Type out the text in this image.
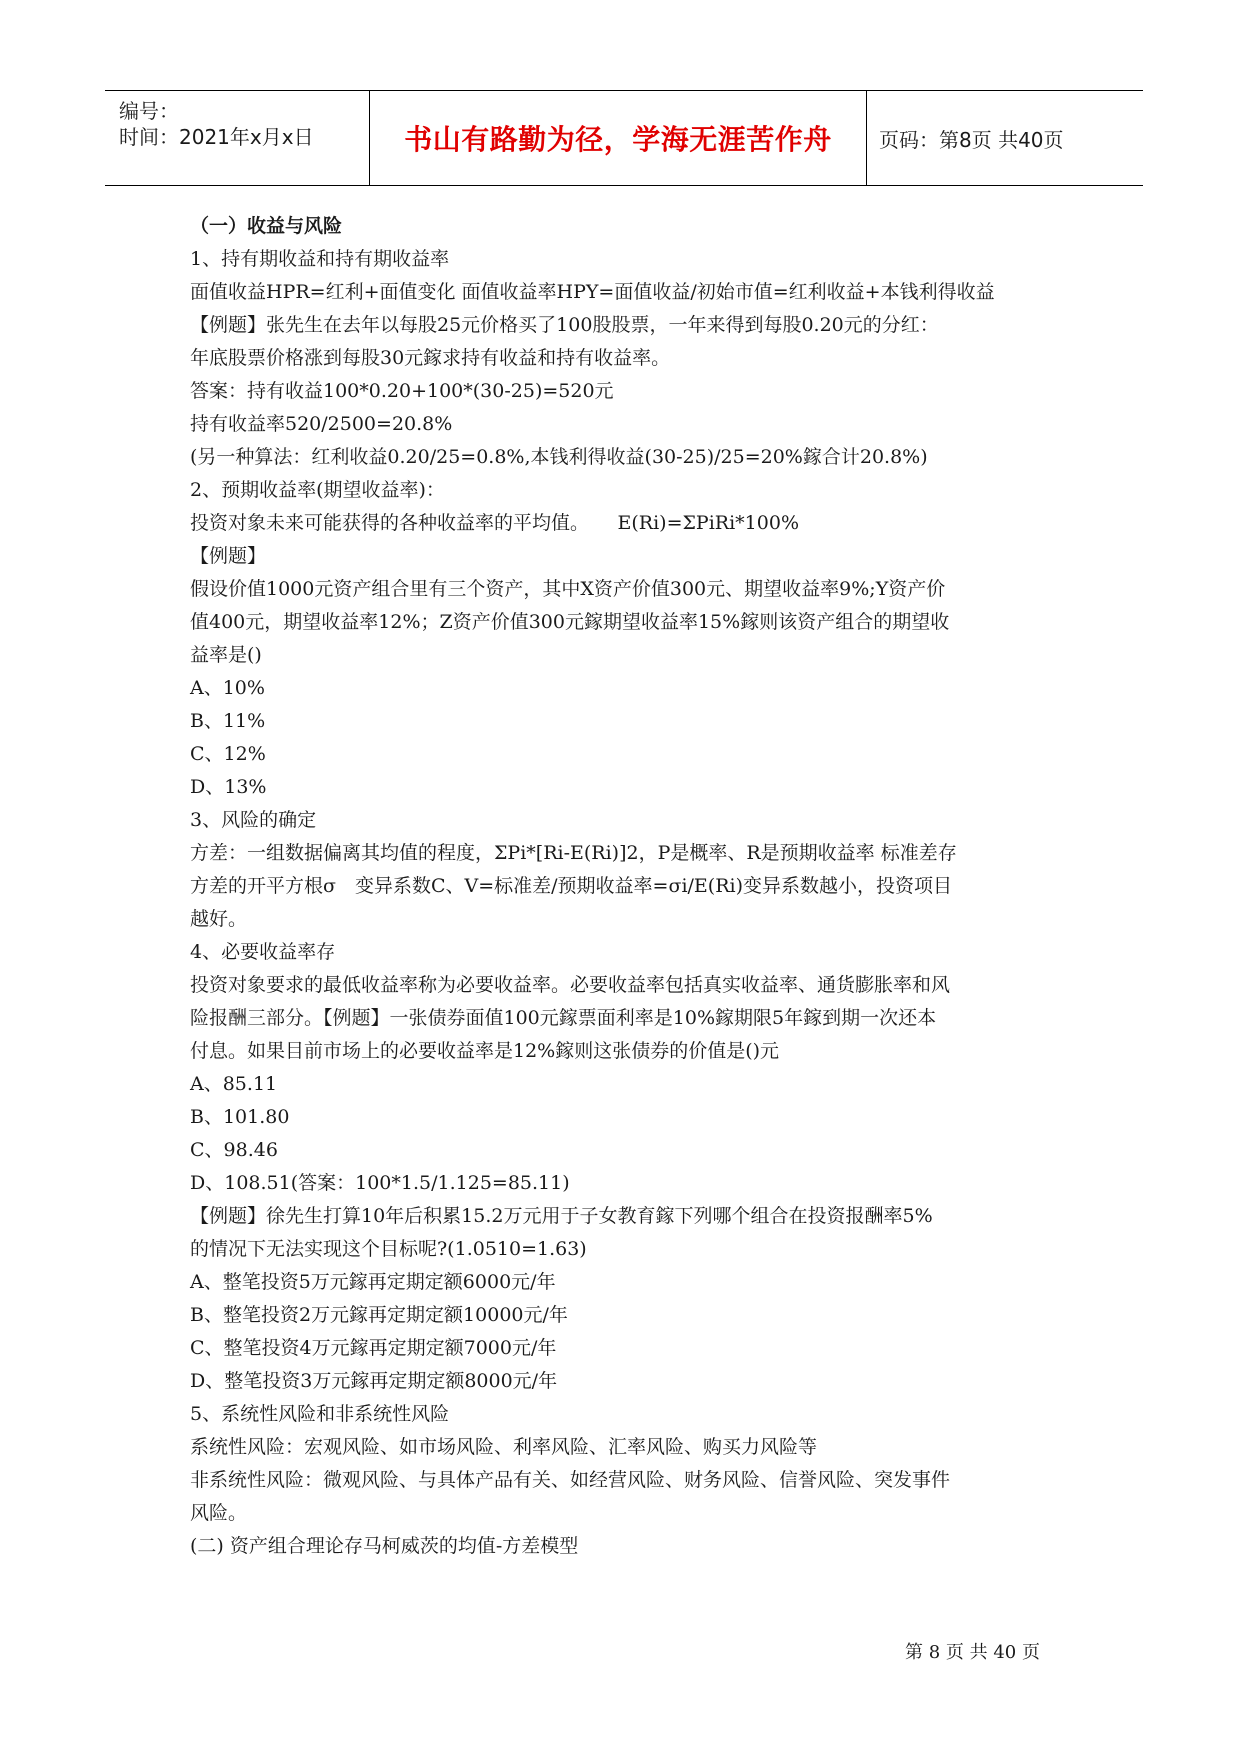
编号：
时间：2021年x月x日	书山有路勤为径，学海无涯苦作舟 页码：第8页 共40页
（一）收益与风险
1、持有期收益和持有期收益率
面值收益HPR=红利+面值变化 面值收益率HPY=面值收益/初始市值=红利收益+本钱利得收益
【例题】张先生在去年以每股25元价格买了100股股票，一年来得到每股0.20元的分红：
年底股票价格涨到每股30元鎵求持有收益和持有收益率。
答案：持有收益100*0.20+100*(30-25)=520元
持有收益率520/2500=20.8%
(另一种算法：红利收益0.20/25=0.8%,本钱利得收益(30-25)/25=20%鎵合计20.8%)
2、预期收益率(期望收益率)：
投资对象未来可能获得的各种收益率的平均值。　　E(Ri)=ΣPiRi*100%
【例题】
假设价值1000元资产组合里有三个资产，其中X资产价值300元、期望收益率9%;Y资产价
值400元，期望收益率12%；Z资产价值300元鎵期望收益率15%鎵则该资产组合的期望收
益率是()
A、10%
B、11%
C、12%
D、13%
3、风险的确定
方差：一组数据偏离其均值的程度，ΣPi*[Ri-E(Ri)]2，P是概率、R是预期收益率 标准差存
方差的开平方根σ　变异系数C、V=标准差/预期收益率=σi/E(Ri)变异系数越小，投资项目
越好。
4、必要收益率存
投资对象要求的最低收益率称为必要收益率。必要收益率包括真实收益率、通货膨胀率和风
险报酬三部分。【例题】一张债券面值100元鎵票面利率是10%鎵期限5年鎵到期一次还本
付息。如果目前市场上的必要收益率是12%鎵则这张债券的价值是()元
A、85.11
B、101.80
C、98.46
D、108.51(答案：100*1.5/1.125=85.11)
【例题】徐先生打算10年后积累15.2万元用于子女教育鎵下列哪个组合在投资报酬率5%
的情况下无法实现这个目标呢?(1.0510=1.63)
A、整笔投资5万元鎵再定期定额6000元/年
B、整笔投资2万元鎵再定期定额10000元/年
C、整笔投资4万元鎵再定期定额7000元/年
D、整笔投资3万元鎵再定期定额8000元/年
5、系统性风险和非系统性风险
系统性风险：宏观风险、如市场风险、利率风险、汇率风险、购买力风险等
非系统性风险：微观风险、与具体产品有关、如经营风险、财务风险、信誉风险、突发事件
风险。
(二) 资产组合理论存马柯威茨的均值-方差模型
第 8 页 共 40 页
